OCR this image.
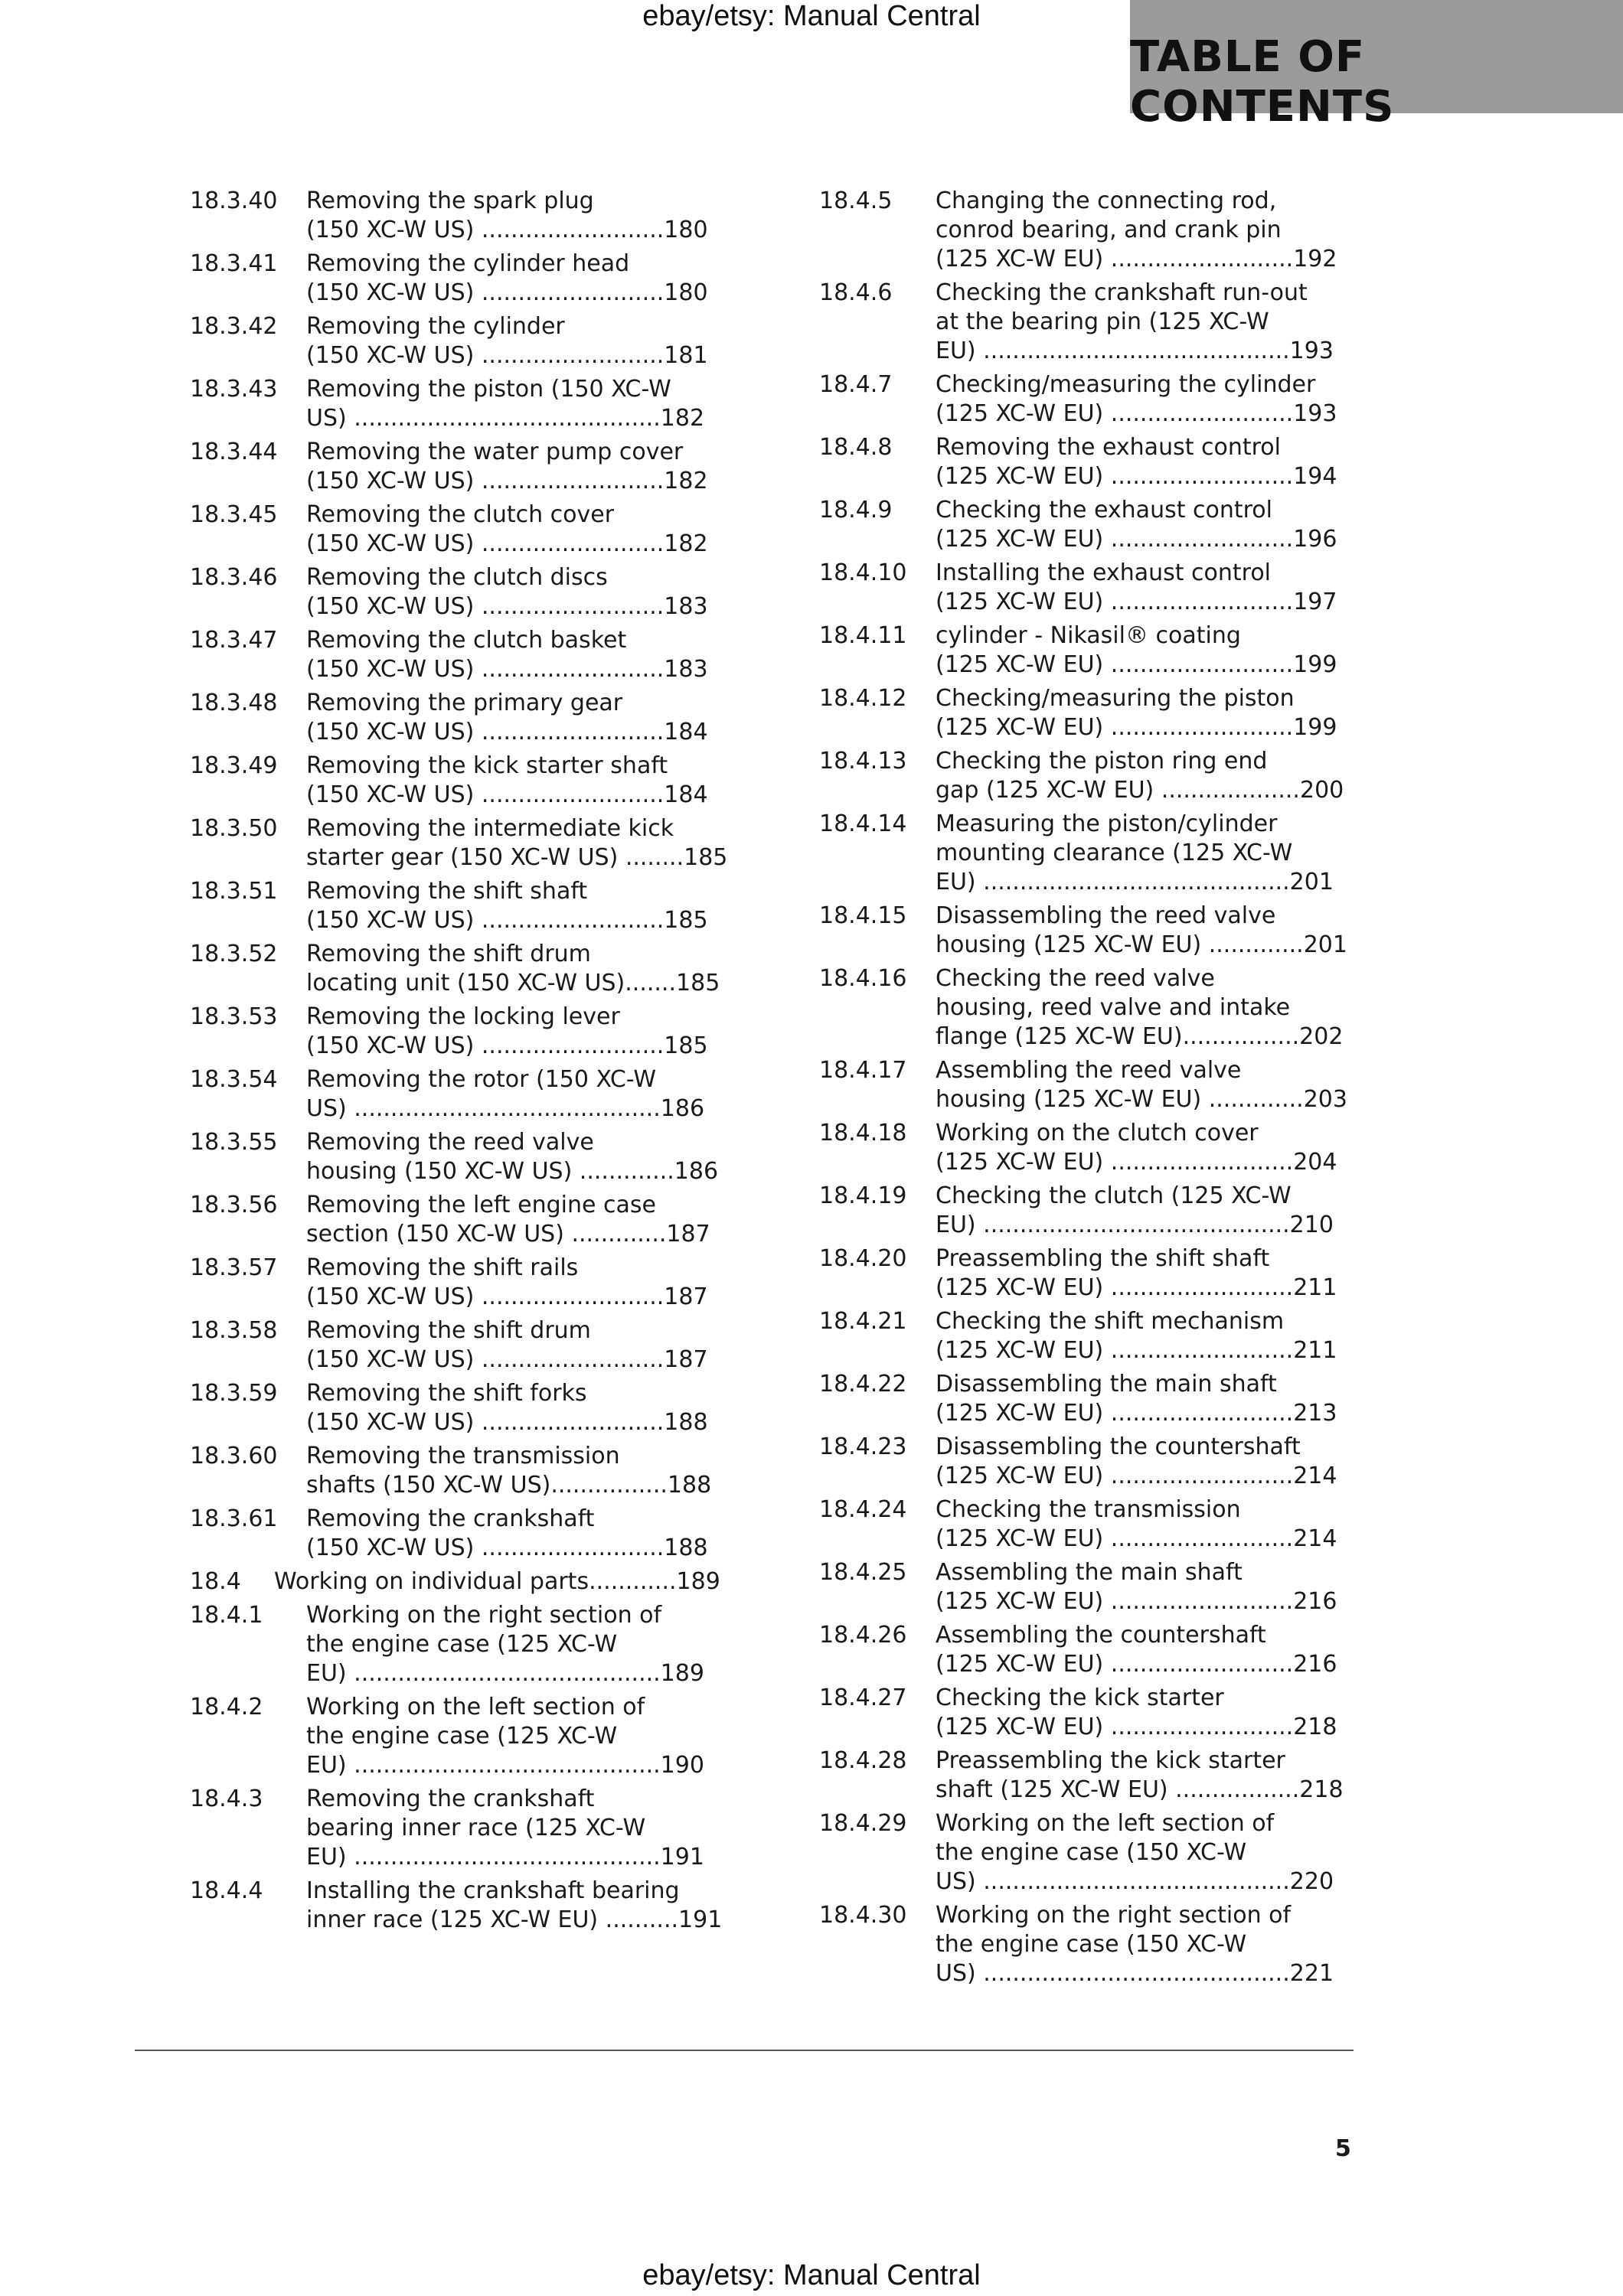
ebay/etsy: Manual Central
TABLE OF CONTENTS
18.3.40 Removing the spark plug
(150 XC-W US) ......................... 180
18.3.41 Removing the cylinder head
(150 XC-W US) ......................... 180
18.3.42 Removing the cylinder
(150 XC-W US) ......................... 181
18.3.43 Removing the piston (150 XC-W
US) .......................................... 182
18.3.44 Removing the water pump cover
(150 XC-W US) ......................... 182
18.3.45 Removing the clutch cover
(150 XC-W US) ......................... 182
18.3.46 Removing the clutch discs
(150 XC-W US) ......................... 183
18.3.47 Removing the clutch basket
(150 XC-W US) ......................... 183
18.3.48 Removing the primary gear
(150 XC-W US) ......................... 184
18.3.49 Removing the kick starter shaft
(150 XC-W US) ......................... 184
18.3.50 Removing the intermediate kick
starter gear (150 XC-W US) ........ 185
18.3.51 Removing the shift shaft
(150 XC-W US) ......................... 185
18.3.52 Removing the shift drum
locating unit (150 XC-W US)....... 185
18.3.53 Removing the locking lever
(150 XC-W US) ......................... 185
18.3.54 Removing the rotor (150 XC-W
US) .......................................... 186
18.3.55 Removing the reed valve
housing (150 XC-W US) ............. 186
18.3.56 Removing the left engine case
section (150 XC-W US) ............. 187
18.3.57 Removing the shift rails
(150 XC-W US) ......................... 187
18.3.58 Removing the shift drum
(150 XC-W US) ......................... 187
18.3.59 Removing the shift forks
(150 XC-W US) ......................... 188
18.3.60 Removing the transmission
shafts (150 XC-W US)................ 188
18.3.61 Removing the crankshaft
(150 XC-W US) ......................... 188
18.4 Working on individual parts............ 189
18.4.1 Working on the right section of
the engine case (125 XC-W
EU) .......................................... 189
18.4.2 Working on the left section of
the engine case (125 XC-W
EU) .......................................... 190
18.4.3 Removing the crankshaft
bearing inner race (125 XC-W
EU) .......................................... 191
18.4.4 Installing the crankshaft bearing
inner race (125 XC-W EU) .......... 191
18.4.5 Changing the connecting rod,
conrod bearing, and crank pin
(125 XC-W EU) ......................... 192
18.4.6 Checking the crankshaft run-out
at the bearing pin (125 XC-W
EU) .......................................... 193
18.4.7 Checking/measuring the cylinder
(125 XC-W EU) ......................... 193
18.4.8 Removing the exhaust control
(125 XC-W EU) ......................... 194
18.4.9 Checking the exhaust control
(125 XC-W EU) ......................... 196
18.4.10 Installing the exhaust control
(125 XC-W EU) ......................... 197
18.4.11 cylinder - Nikasil® coating
(125 XC-W EU) ......................... 199
18.4.12 Checking/measuring the piston
(125 XC-W EU) ......................... 199
18.4.13 Checking the piston ring end
gap (125 XC-W EU) ................... 200
18.4.14 Measuring the piston/cylinder
mounting clearance (125 XC-W
EU) .......................................... 201
18.4.15 Disassembling the reed valve
housing (125 XC-W EU) ............. 201
18.4.16 Checking the reed valve
housing, reed valve and intake
flange (125 XC-W EU)................ 202
18.4.17 Assembling the reed valve
housing (125 XC-W EU) ............. 203
18.4.18 Working on the clutch cover
(125 XC-W EU) ......................... 204
18.4.19 Checking the clutch (125 XC-W
EU) .......................................... 210
18.4.20 Preassembling the shift shaft
(125 XC-W EU) ......................... 211
18.4.21 Checking the shift mechanism
(125 XC-W EU) ......................... 211
18.4.22 Disassembling the main shaft
(125 XC-W EU) ......................... 213
18.4.23 Disassembling the countershaft
(125 XC-W EU) ......................... 214
18.4.24 Checking the transmission
(125 XC-W EU) ......................... 214
18.4.25 Assembling the main shaft
(125 XC-W EU) ......................... 216
18.4.26 Assembling the countershaft
(125 XC-W EU) ......................... 216
18.4.27 Checking the kick starter
(125 XC-W EU) ......................... 218
18.4.28 Preassembling the kick starter
shaft (125 XC-W EU) ................. 218
18.4.29 Working on the left section of
the engine case (150 XC-W
US) .......................................... 220
18.4.30 Working on the right section of
the engine case (150 XC-W
US) .......................................... 221
5
ebay/etsy: Manual Central
